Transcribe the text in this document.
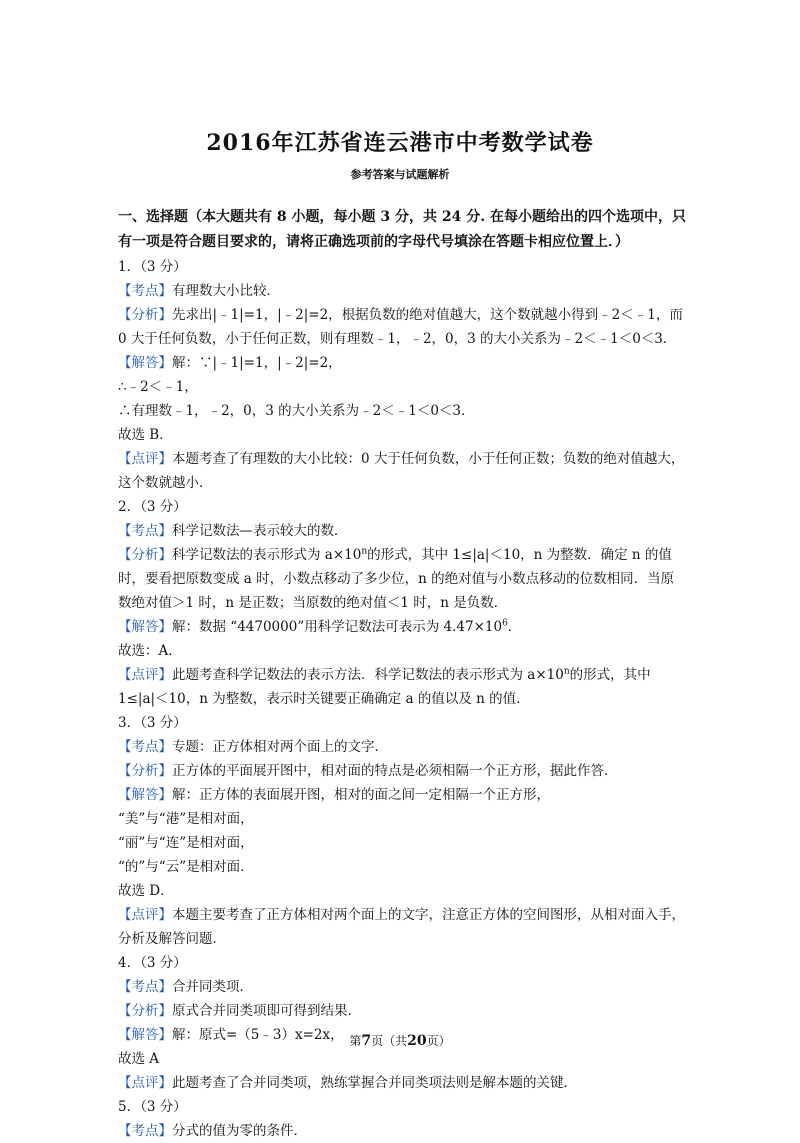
2016年江苏省连云港市中考数学试卷
参考答案与试题解析

一、选择题（本大题共有 8 小题，每小题 3 分，共 24 分. 在每小题给出的四个选项中，只有一项是符合题目要求的，请将正确选项前的字母代号填涂在答题卡相应位置上．）

1．（3 分）

【考点】有理数大小比较．

【分析】先求出|﹣1|=1，|﹣2|=2，根据负数的绝对值越大，这个数就越小得到﹣2＜﹣1，而 0 大于任何负数，小于任何正数，则有理数﹣1，﹣2，0，3 的大小关系为﹣2＜﹣1＜0＜3．

【解答】解：∵|﹣1|=1，|﹣2|=2，

∴﹣2＜﹣1，

∴有理数﹣1，﹣2，0，3 的大小关系为﹣2＜﹣1＜0＜3．

故选 B．

【点评】本题考查了有理数的大小比较：0 大于任何负数，小于任何正数；负数的绝对值越大，这个数就越小．

2．（3 分）

【考点】科学记数法—表示较大的数．

【分析】科学记数法的表示形式为 $a\times 10^n$的形式，其中 1≤|a|＜10，n 为整数．确定 n 的值时，要看把原数变成 a 时，小数点移动了多少位，n 的绝对值与小数点移动的位数相同．当原数绝对值＞1 时，n 是正数；当原数的绝对值＜1 时，n 是负数．

【解答】解：数据 “4470000”用科学记数法可表示为 $4.47\times 10^6$．

故选：A．

【点评】此题考查科学记数法的表示方法．科学记数法的表示形式为 $a\times 10^n$的形式，其中 1≤|a|＜10，n 为整数，表示时关键要正确确定 a 的值以及 n 的值．

3．（3 分）

【考点】专题：正方体相对两个面上的文字．

【分析】正方体的平面展开图中，相对面的特点是必须相隔一个正方形，据此作答．

【解答】解：正方体的表面展开图，相对的面之间一定相隔一个正方形，

“美”与“港”是相对面，

“丽”与“连”是相对面，

“的”与“云”是相对面．

故选 D．

【点评】本题主要考查了正方体相对两个面上的文字，注意正方体的空间图形，从相对面入手，分析及解答问题．

4．（3 分）

【考点】合并同类项．

【分析】原式合并同类项即可得到结果．

【解答】解：原式=（5﹣3）x=2x，

故选 A

【点评】此题考查了合并同类项，熟练掌握合并同类项法则是解本题的关键．

5．（3 分）

【考点】分式的值为零的条件．

第7页（共20页）
